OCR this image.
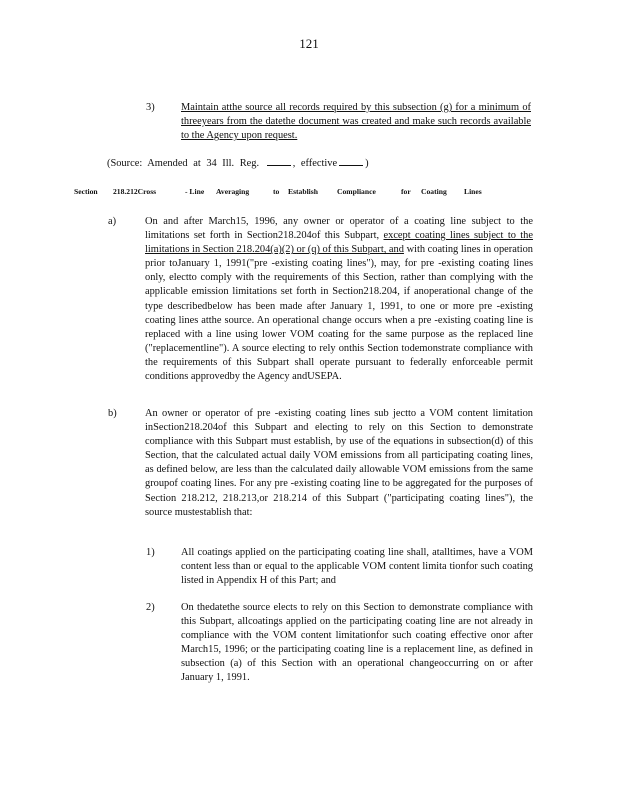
121
3)	Maintain atthe source all records required by this subsection (g) for a minimum of threeyears from the datethe document was created and make such records available to the Agency upon request.
(Source: Amended at 34 Ill. Reg.	, effective	)
Section 218.212Cross	- Line Averaging	to Establish	Compliance	for Coating Lines
a)	On and after March15, 1996, any owner or operator of a coating line subject to the limitations set forth in Section218.204of this Subpart, except coating lines subject to the limitations in Section 218.204(a)(2) or (q) of this Subpart, and with coating lines in operation prior toJanuary 1, 1991("pre -existing coating lines"), may, for pre -existing coating lines only, electto comply with the requirements of this Section, rather than complying with the applicable emission limitations set forth in Section218.204, if anoperational change of the type describedbelow has been made after January 1, 1991, to one or more pre -existing coating lines atthe source. An operational change occurs when a pre -existing coating line is replaced with a line using lower VOM coating for the same purpose as the replaced line ("replacementline"). A source electing to rely onthis Section todemonstrate compliance with the requirements of this Subpart shall operate pursuant to federally enforceable permit conditions approvedby the Agency andUSEPA.
b)	An owner or operator of pre -existing coating lines sub jectto a VOM content limitation inSection218.204of this Subpart and electing to rely on this Section to demonstrate compliance with this Subpart must establish, by use of the equations in subsection(d) of this Section, that the calculated actual daily VOM emissions from all participating coating lines, as defined below, are less than the calculated daily allowable VOM emissions from the same groupof coating lines. For any pre -existing coating line to be aggregated for the purposes of Section 218.212, 218.213,or 218.214 of this Subpart ("participating coating lines"), the source mustestablish that:
1)	All coatings applied on the participating coating line shall, atalltimes, have a VOM content less than or equal to the applicable VOM content limita tionfor such coating listed in Appendix H of this Part; and
2)	On thedatethe source elects to rely on this Section to demonstrate compliance with this Subpart, allcoatings applied on the participating coating line are not already in compliance with the VOM content limitationfor such coating effective onor after March15, 1996; or the participating coating line is a replacement line, as defined in subsection (a) of this Section with an operational changeoccurring on or after January 1, 1991.
